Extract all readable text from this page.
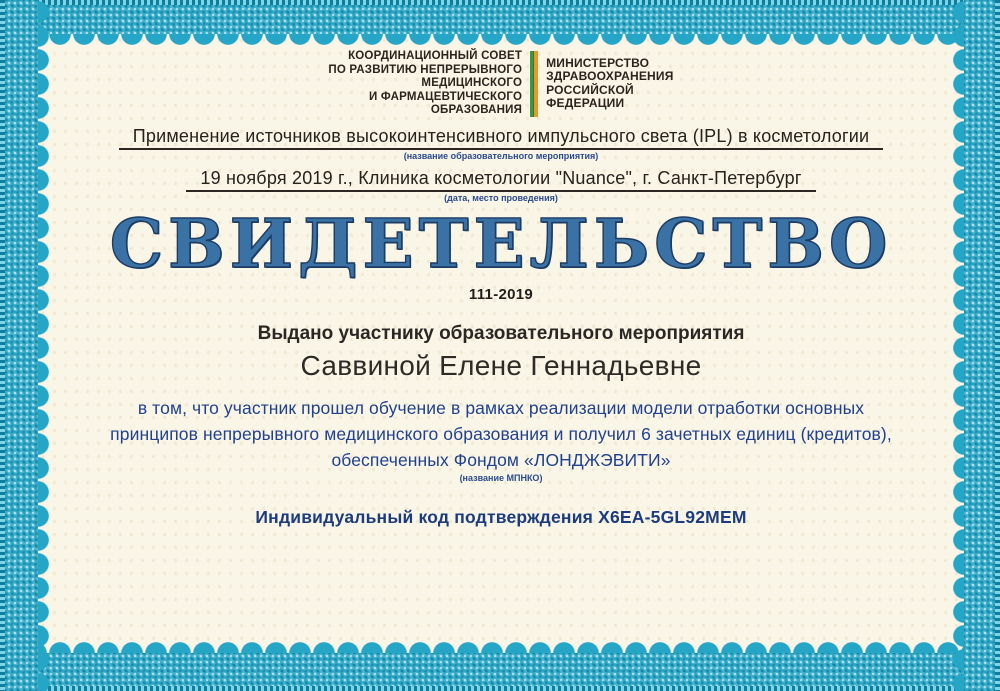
КООРДИНАЦИОННЫЙ СОВЕТ
ПО РАЗВИТИЮ НЕПРЕРЫВНОГО
МЕДИЦИНСКОГО
И ФАРМАЦЕВТИЧЕСКОГО
ОБРАЗОВАНИЯ
МИНИСТЕРСТВО
ЗДРАВООХРАНЕНИЯ
РОССИЙСКОЙ
ФЕДЕРАЦИИ
Применение источников высокоинтенсивного импульсного света (IPL) в косметологии
(название образовательного мероприятия)
19 ноября 2019 г., Клиника косметологии "Nuance", г. Санкт-Петербург
(дата, место проведения)
СВИДЕТЕЛЬСТВО
111-2019
Выдано участнику образовательного мероприятия
Саввиной Елене Геннадьевне
в том, что участник прошел обучение в рамках реализации модели отработки основных
принципов непрерывного медицинского образования и получил 6 зачетных единиц (кредитов),
обеспеченных Фондом «ЛОНДЖЭВИТИ»
(название МПНКО)
Индивидуальный код подтверждения X6EA-5GL92MEM
